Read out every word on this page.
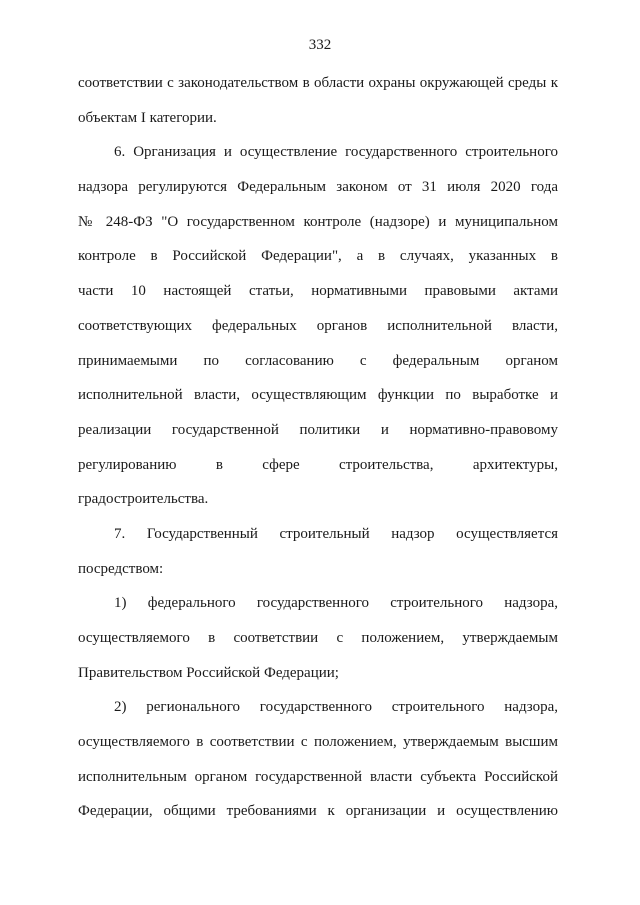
332
соответствии с законодательством в области охраны окружающей среды к
объектам I категории.
6. Организация и осуществление государственного строительного
надзора регулируются Федеральным законом от 31 июля 2020 года
№ 248-ФЗ "О государственном контроле (надзоре) и муниципальном
контроле в Российской Федерации", а в случаях, указанных в
части 10 настоящей статьи, нормативными правовыми актами
соответствующих федеральных органов исполнительной власти,
принимаемыми по согласованию с федеральным органом
исполнительной власти, осуществляющим функции по выработке и
реализации государственной политики и нормативно-правовому
регулированию в сфере строительства, архитектуры,
градостроительства.
7. Государственный строительный надзор осуществляется
посредством:
1) федерального государственного строительного надзора,
осуществляемого в соответствии с положением, утверждаемым
Правительством Российской Федерации;
2) регионального государственного строительного надзора,
осуществляемого в соответствии с положением, утверждаемым высшим
исполнительным органом государственной власти субъекта Российской
Федерации, общими требованиями к организации и осуществлению
